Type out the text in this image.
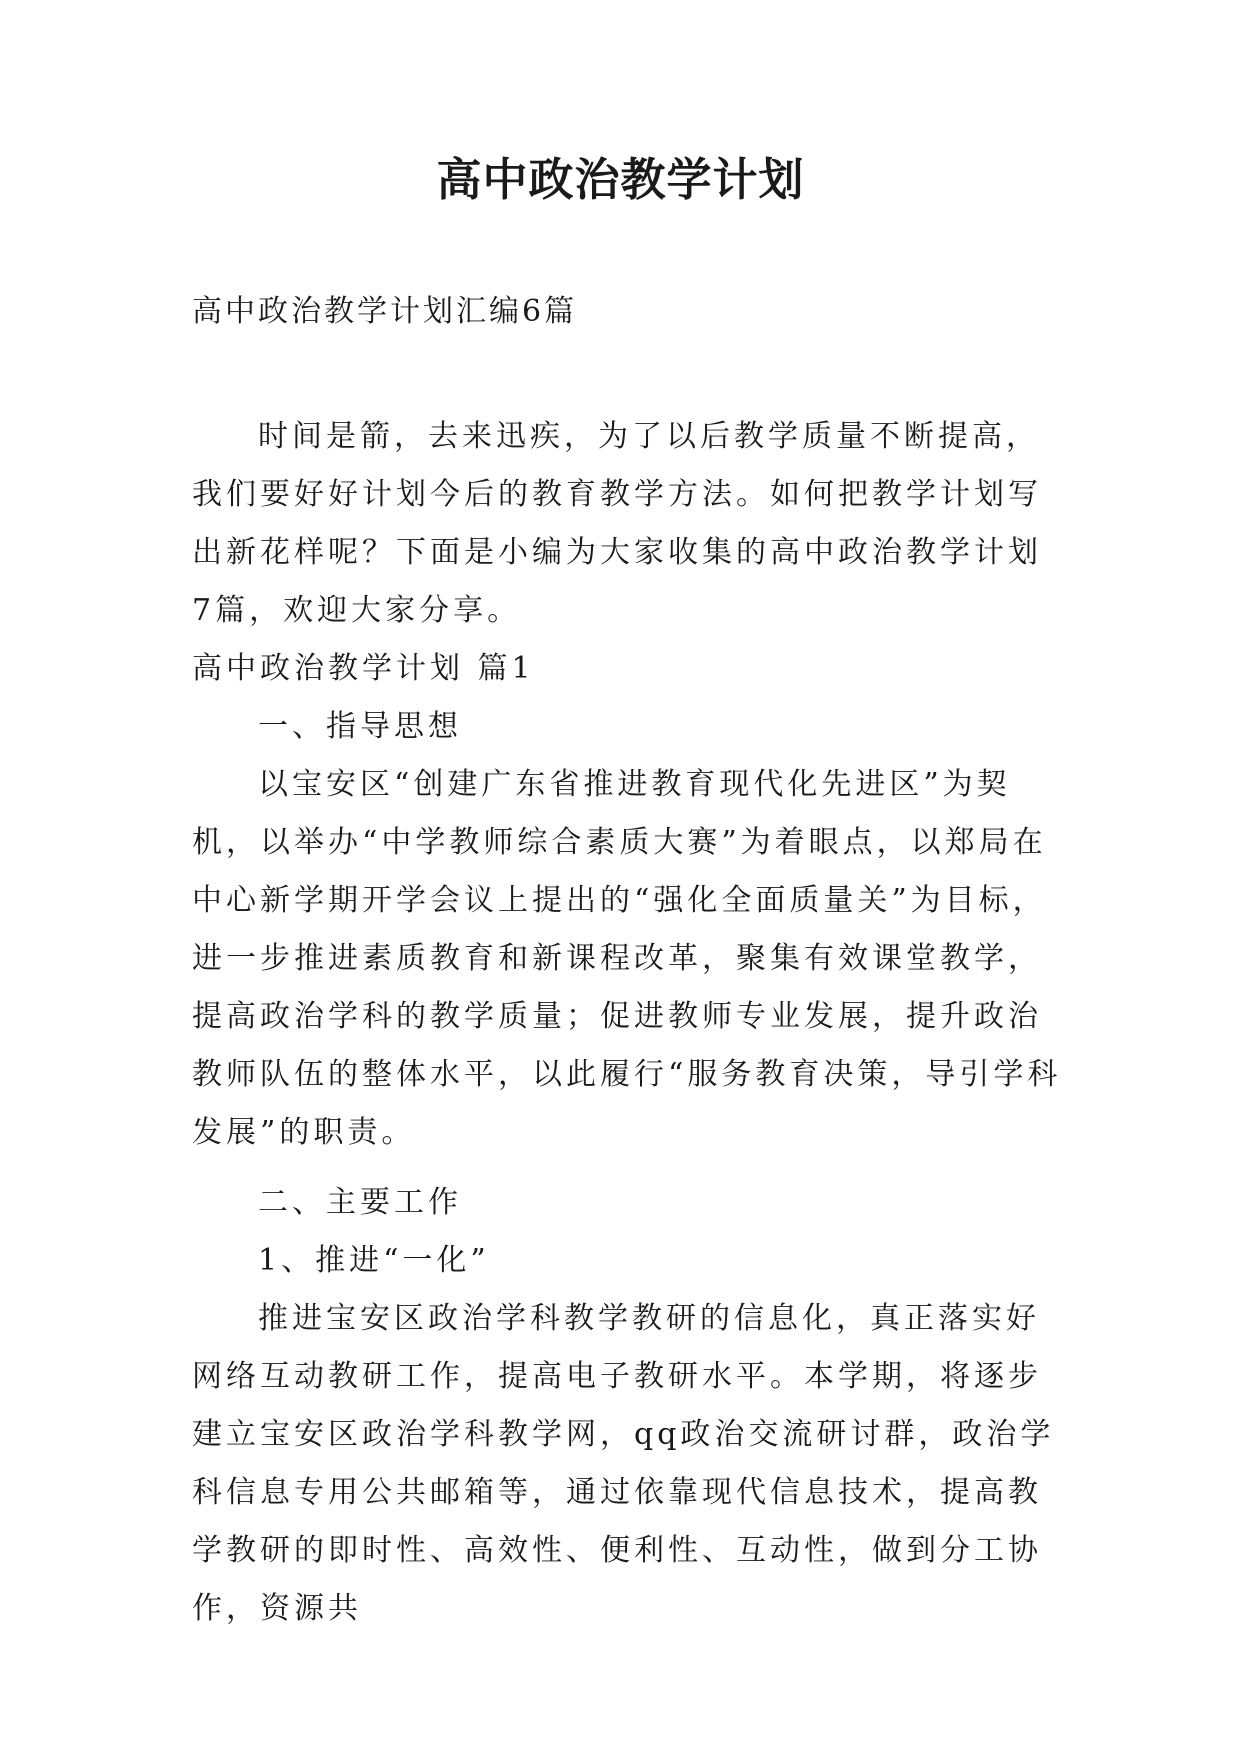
高中政治教学计划

高中政治教学计划汇编6篇

时间是箭，去来迅疾，为了以后教学质量不断提高，我们要好好计划今后的教育教学方法。如何把教学计划写出新花样呢？下面是小编为大家收集的高中政治教学计划7篇，欢迎大家分享。

高中政治教学计划 篇1

一、指导思想

以宝安区“创建广东省推进教育现代化先进区”为契机，以举办“中学教师综合素质大赛”为着眼点，以郑局在中心新学期开学会议上提出的“强化全面质量关”为目标，进一步推进素质教育和新课程改革，聚集有效课堂教学，提高政治学科的教学质量；促进教师专业发展，提升政治教师队伍的整体水平，以此履行“服务教育决策，导引学科发展”的职责。

二、主要工作

1、推进“一化”

推进宝安区政治学科教学教研的信息化，真正落实好网络互动教研工作，提高电子教研水平。本学期，将逐步建立宝安区政治学科教学网，qq政治交流研讨群，政治学科信息专用公共邮箱等，通过依靠现代信息技术，提高教学教研的即时性、高效性、便利性、互动性，做到分工协作，资源共
